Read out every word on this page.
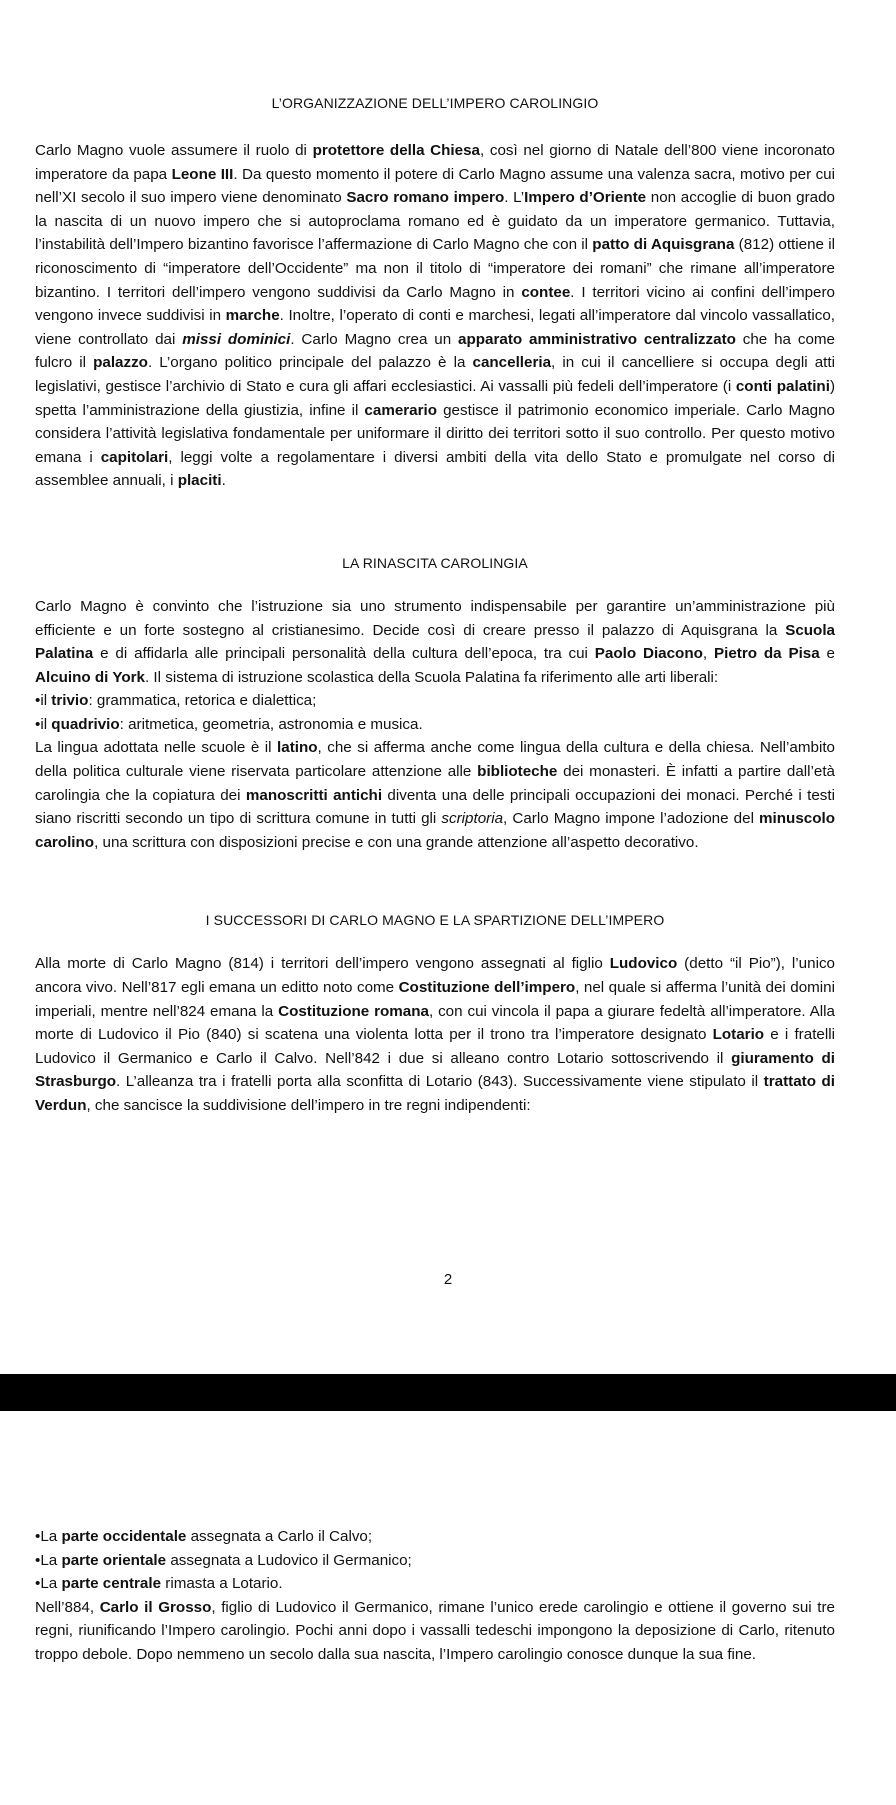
L’ORGANIZZAZIONE DELL’IMPERO CAROLINGIO

Carlo Magno vuole assumere il ruolo di protettore della Chiesa, così nel giorno di Natale dell’800 viene incoronato imperatore da papa Leone III. Da questo momento il potere di Carlo Magno assume una valenza sacra, motivo per cui nell’XI secolo il suo impero viene denominato Sacro romano impero. L’Impero d’Oriente non accoglie di buon grado la nascita di un nuovo impero che si autoproclama romano ed è guidato da un imperatore germanico. Tuttavia, l’instabilità dell’Impero bizantino favorisce l’affermazione di Carlo Magno che con il patto di Aquisgrana (812) ottiene il riconoscimento di “imperatore dell’Occidente” ma non il titolo di “imperatore dei romani” che rimane all’imperatore bizantino. I territori dell’impero vengono suddivisi da Carlo Magno in contee. I territori vicino ai confini dell’impero vengono invece suddivisi in marche. Inoltre, l’operato di conti e marchesi, legati all’imperatore dal vincolo vassallatico, viene controllato dai missi dominici. Carlo Magno crea un apparato amministrativo centralizzato che ha come fulcro il palazzo. L’organo politico principale del palazzo è la cancelleria, in cui il cancelliere si occupa degli atti legislativi, gestisce l’archivio di Stato e cura gli affari ecclesiastici. Ai vassalli più fedeli dell’imperatore (i conti palatini) spetta l’amministrazione della giustizia, infine il camerario gestisce il patrimonio economico imperiale. Carlo Magno considera l’attività legislativa fondamentale per uniformare il diritto dei territori sotto il suo controllo. Per questo motivo emana i capitolari, leggi volte a regolamentare i diversi ambiti della vita dello Stato e promulgate nel corso di assemblee annuali, i placiti.

LA RINASCITA CAROLINGIA

Carlo Magno è convinto che l’istruzione sia uno strumento indispensabile per garantire un’amministrazione più efficiente e un forte sostegno al cristianesimo. Decide così di creare presso il palazzo di Aquisgrana la Scuola Palatina e di affidarla alle principali personalità della cultura dell’epoca, tra cui Paolo Diacono, Pietro da Pisa e Alcuino di York. Il sistema di istruzione scolastica della Scuola Palatina fa riferimento alle arti liberali:

•il trivio: grammatica, retorica e dialettica;

•il quadrivio: aritmetica, geometria, astronomia e musica.

La lingua adottata nelle scuole è il latino, che si afferma anche come lingua della cultura e della chiesa. Nell’ambito della politica culturale viene riservata particolare attenzione alle biblioteche dei monasteri. È infatti a partire dall’età carolingia che la copiatura dei manoscritti antichi diventa una delle principali occupazioni dei monaci. Perché i testi siano riscritti secondo un tipo di scrittura comune in tutti gli scriptoria, Carlo Magno impone l’adozione del minuscolo carolino, una scrittura con disposizioni precise e con una grande attenzione all’aspetto decorativo.

I SUCCESSORI DI CARLO MAGNO E LA SPARTIZIONE DELL’IMPERO

Alla morte di Carlo Magno (814) i territori dell’impero vengono assegnati al figlio Ludovico (detto “il Pio”), l’unico ancora vivo. Nell’817 egli emana un editto noto come Costituzione dell’impero, nel quale si afferma l’unità dei domini imperiali, mentre nell’824 emana la Costituzione romana, con cui vincola il papa a giurare fedeltà all’imperatore. Alla morte di Ludovico il Pio (840) si scatena una violenta lotta per il trono tra l’imperatore designato Lotario e i fratelli Ludovico il Germanico e Carlo il Calvo. Nell’842 i due si alleano contro Lotario sottoscrivendo il giuramento di Strasburgo. L’alleanza tra i fratelli porta alla sconfitta di Lotario (843). Successivamente viene stipulato il trattato di Verdun, che sancisce la suddivisione dell’impero in tre regni indipendenti:

2

•La parte occidentale assegnata a Carlo il Calvo;

•La parte orientale assegnata a Ludovico il Germanico;

•La parte centrale rimasta a Lotario.

Nell’884, Carlo il Grosso, figlio di Ludovico il Germanico, rimane l’unico erede carolingio e ottiene il governo sui tre regni, riunificando l’Impero carolingio. Pochi anni dopo i vassalli tedeschi impongono la deposizione di Carlo, ritenuto troppo debole. Dopo nemmeno un secolo dalla sua nascita, l’Impero carolingio conosce dunque la sua fine.
